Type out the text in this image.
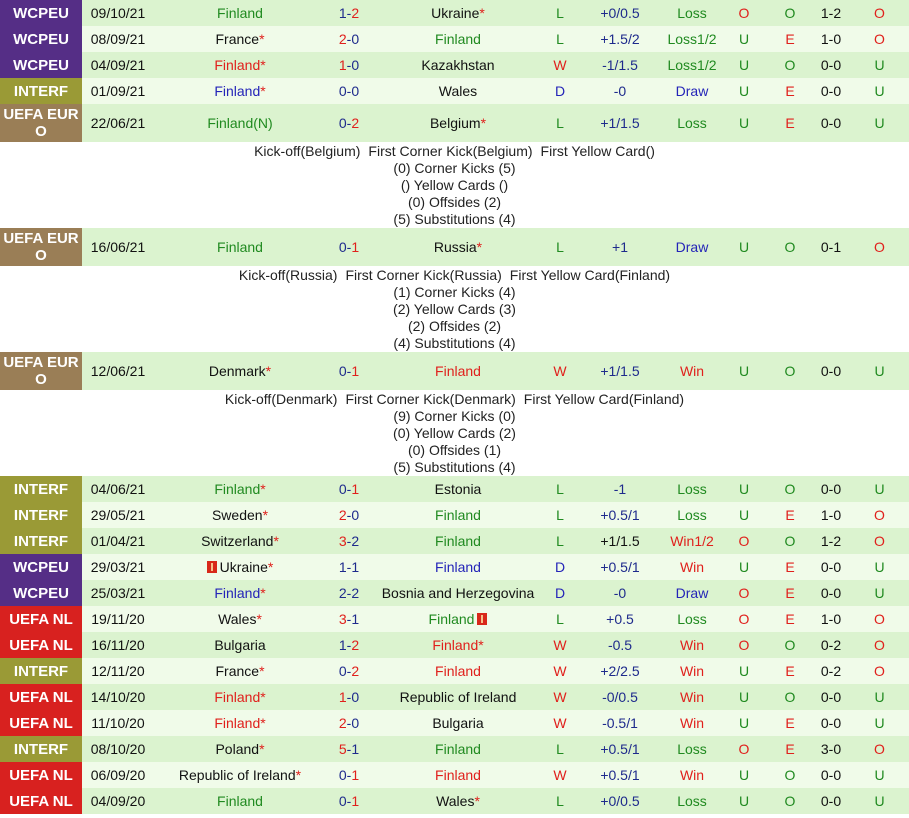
WCPEU	09/10/21	Finland	1-2	Ukraine*	L	+0/0.5	Loss	O	O	1-2	O
WCPEU	08/09/21	France*	2-0	Finland	L	+1.5/2	Loss1/2	U	E	1-0	O
WCPEU	04/09/21	Finland*	1-0	Kazakhstan	W	-1/1.5	Loss1/2	U	O	0-0	U
INTERF	01/09/21	Finland*	0-0	Wales	D	-0	Draw	U	E	0-0	U
UEFA EURO	22/06/21	Finland(N)	0-2	Belgium*	L	+1/1.5	Loss	U	E	0-0	U

Kick-off(Belgium) First Corner Kick(Belgium) First Yellow Card()
(0) Corner Kicks (5)
() Yellow Cards ()
(0) Offsides (2)
(5) Substitutions (4)											

UEFA EURO	16/06/21	Finland	0-1	Russia*	L	+1	Draw	U	O	0-1	O

Kick-off(Russia) First Corner Kick(Russia) First Yellow Card(Finland)
(1) Corner Kicks (4)
(2) Yellow Cards (3)
(2) Offsides (2)
(4) Substitutions (4)											

UEFA EURO	12/06/21	Denmark*	0-1	Finland	W	+1/1.5	Win	U	O	0-0	U

Kick-off(Denmark) First Corner Kick(Denmark) First Yellow Card(Finland)
(9) Corner Kicks (0)
(0) Yellow Cards (2)
(0) Offsides (1)
(5) Substitutions (4)											

INTERF	04/06/21	Finland*	0-1	Estonia	L	-1	Loss	U	O	0-0	U
INTERF	29/05/21	Sweden*	2-0	Finland	L	+0.5/1	Loss	U	E	1-0	O
INTERF	01/04/21	Switzerland*	3-2	Finland	L	+1/1.5	Win1/2	O	O	1-2	O
WCPEU	29/03/21	Ukraine*	1-1	Finland	D	+0.5/1	Win	U	E	0-0	U
WCPEU	25/03/21	Finland*	2-2	Bosnia and Herzegovina	D	-0	Draw	O	E	0-0	U
UEFA NL	19/11/20	Wales*	3-1	Finland	L	+0.5	Loss	O	E	1-0	O
UEFA NL	16/11/20	Bulgaria	1-2	Finland*	W	-0.5	Win	O	O	0-2	O
INTERF	12/11/20	France*	0-2	Finland	W	+2/2.5	Win	U	E	0-2	O
UEFA NL	14/10/20	Finland*	1-0	Republic of Ireland	W	-0/0.5	Win	U	O	0-0	U
UEFA NL	11/10/20	Finland*	2-0	Bulgaria	W	-0.5/1	Win	U	E	0-0	U
INTERF	08/10/20	Poland*	5-1	Finland	L	+0.5/1	Loss	O	E	3-0	O
UEFA NL	06/09/20	Republic of Ireland*	0-1	Finland	W	+0.5/1	Win	U	O	0-0	U
UEFA NL	04/09/20	Finland	0-1	Wales*	L	+0/0.5	Loss	U	O	0-0	U
